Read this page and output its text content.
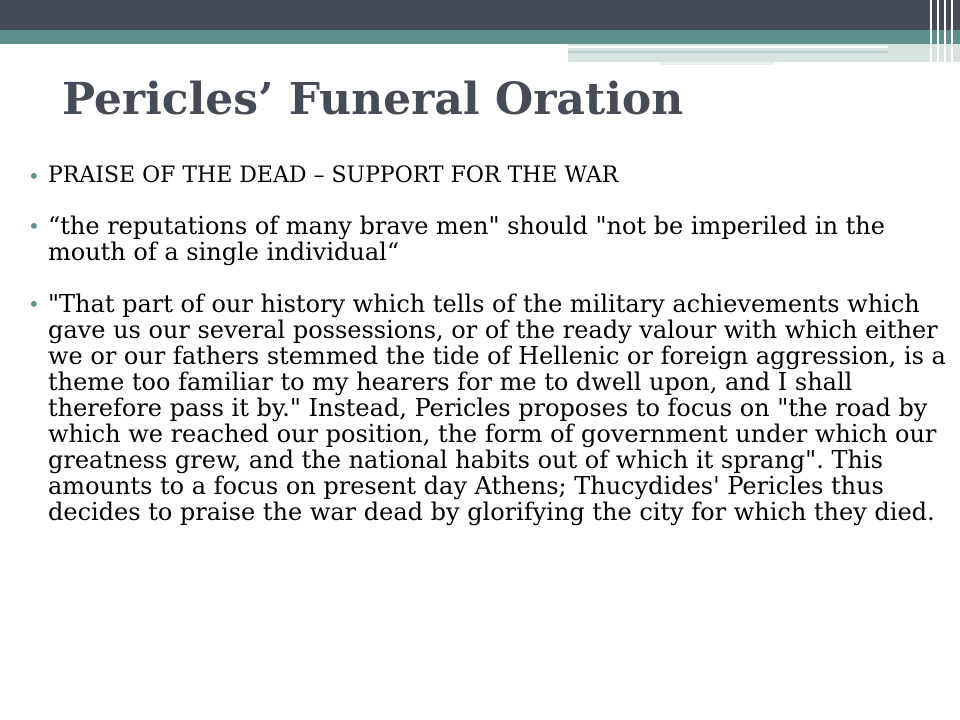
Pericles’ Funeral Oration
• PRAISE OF THE DEAD – SUPPORT FOR THE WAR
• “the reputations of many brave men" should "not be imperiled in the mouth of a single individual“
• "That part of our history which tells of the military achievements which gave us our several possessions, or of the ready valour with which either we or our fathers stemmed the tide of Hellenic or foreign aggression, is a theme too familiar to my hearers for me to dwell upon, and I shall therefore pass it by." Instead, Pericles proposes to focus on "the road by which we reached our position, the form of government under which our greatness grew, and the national habits out of which it sprang". This amounts to a focus on present day Athens; Thucydides' Pericles thus decides to praise the war dead by glorifying the city for which they died.
